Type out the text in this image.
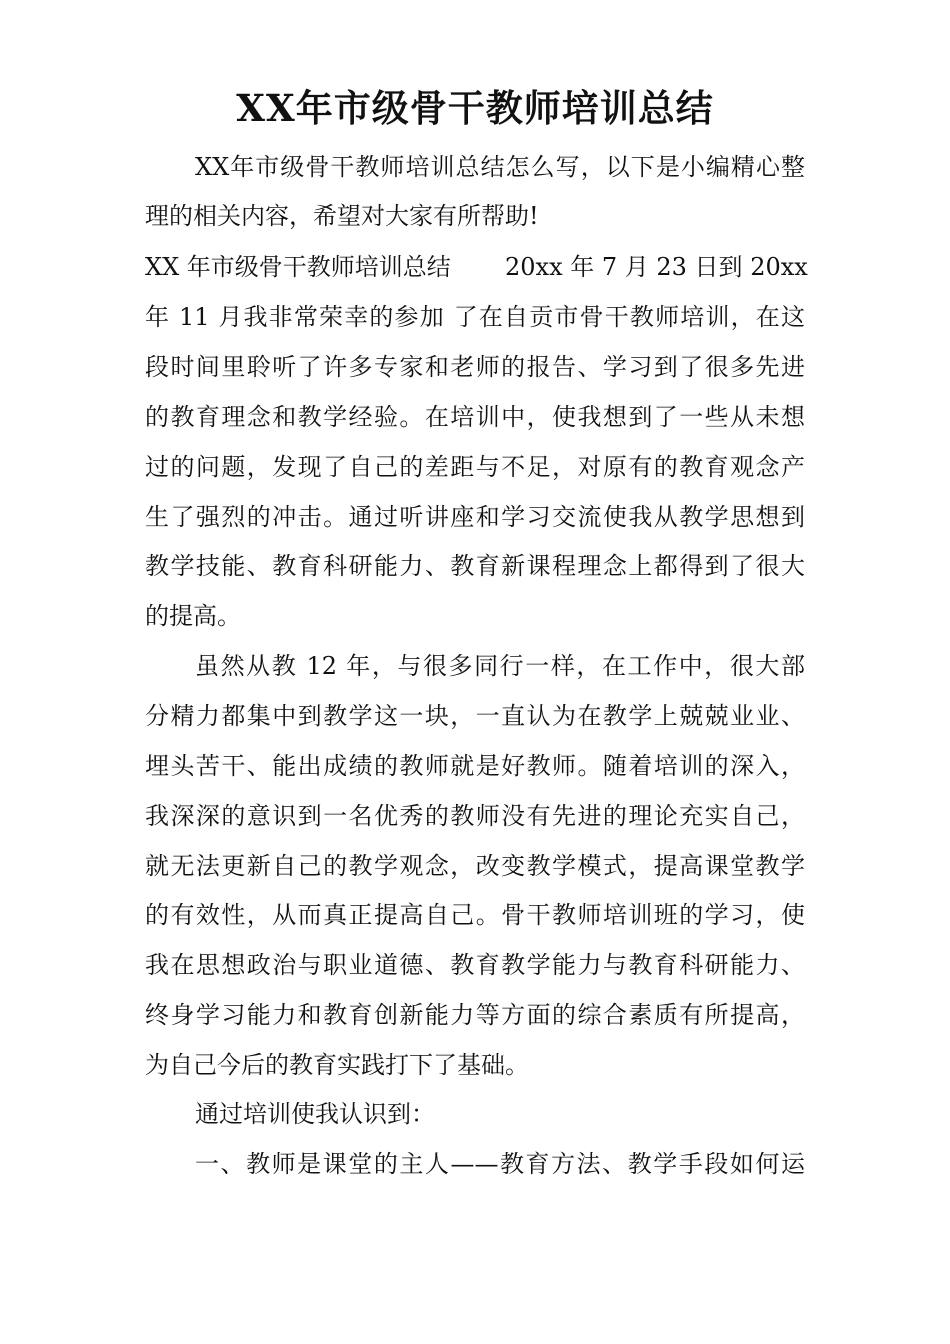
XX年市级骨干教师培训总结
XX年市级骨干教师培训总结怎么写，以下是小编精心整
理的相关内容，希望对大家有所帮助!
XX 年市级骨干教师培训总结 20xx 年 7 月 23 日到 20xx
年 11 月我非常荣幸的参加 了在自贡市骨干教师培训，在这
段时间里聆听了许多专家和老师的报告、学习到了很多先进
的教育理念和教学经验。在培训中，使我想到了一些从未想
过的问题，发现了自己的差距与不足，对原有的教育观念产
生了强烈的冲击。通过听讲座和学习交流使我从教学思想到
教学技能、教育科研能力、教育新课程理念上都得到了很大
的提高。
虽然从教 12 年，与很多同行一样，在工作中，很大部
分精力都集中到教学这一块，一直认为在教学上兢兢业业、
埋头苦干、能出成绩的教师就是好教师。随着培训的深入，
我深深的意识到一名优秀的教师没有先进的理论充实自己，
就无法更新自己的教学观念，改变教学模式，提高课堂教学
的有效性，从而真正提高自己。骨干教师培训班的学习，使
我在思想政治与职业道德、教育教学能力与教育科研能力、
终身学习能力和教育创新能力等方面的综合素质有所提高，
为自己今后的教育实践打下了基础。
通过培训使我认识到：
一、教师是课堂的主人——教育方法、教学手段如何运
